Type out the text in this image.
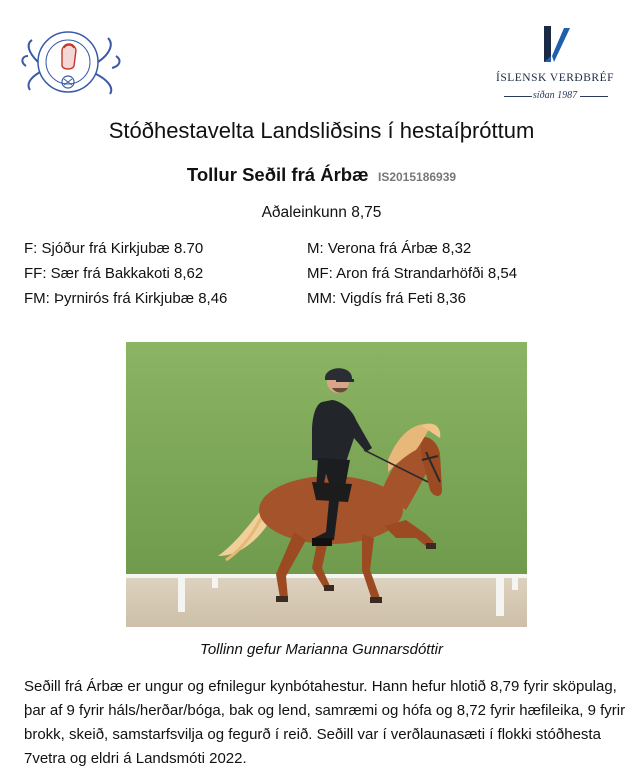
ÍSLENSK VERÐBRÉF
síðan 1987
Stóðhestavelta Landsliðsins í hestaíþróttum
Tollur Seðil frá Árbæ IS2015186939
Aðaleinkunn 8,75
F: Sjóður frá Kirkjubæ 8.70
FF: Sær frá Bakkakoti 8,62
FM: Þyrnirós frá Kirkjubæ 8,46
M: Verona frá Árbæ 8,32
MF: Aron frá Strandarhöfði 8,54
MM: Vigdís frá Feti 8,36
Tollinn gefur Marianna Gunnarsdóttir
Seðill frá Árbæ er ungur og efnilegur kynbótahestur. Hann hefur hlotið 8,79 fyrir sköpulag, þar af 9 fyrir háls/herðar/bóga, bak og lend, samræmi og hófa og 8,72 fyrir hæfileika, 9 fyrir brokk, skeið, samstarfsvilja og fegurð í reið. Seðill var í verðlaunasæti í flokki stóðhesta 7vetra og eldri á Landsmóti 2022.
